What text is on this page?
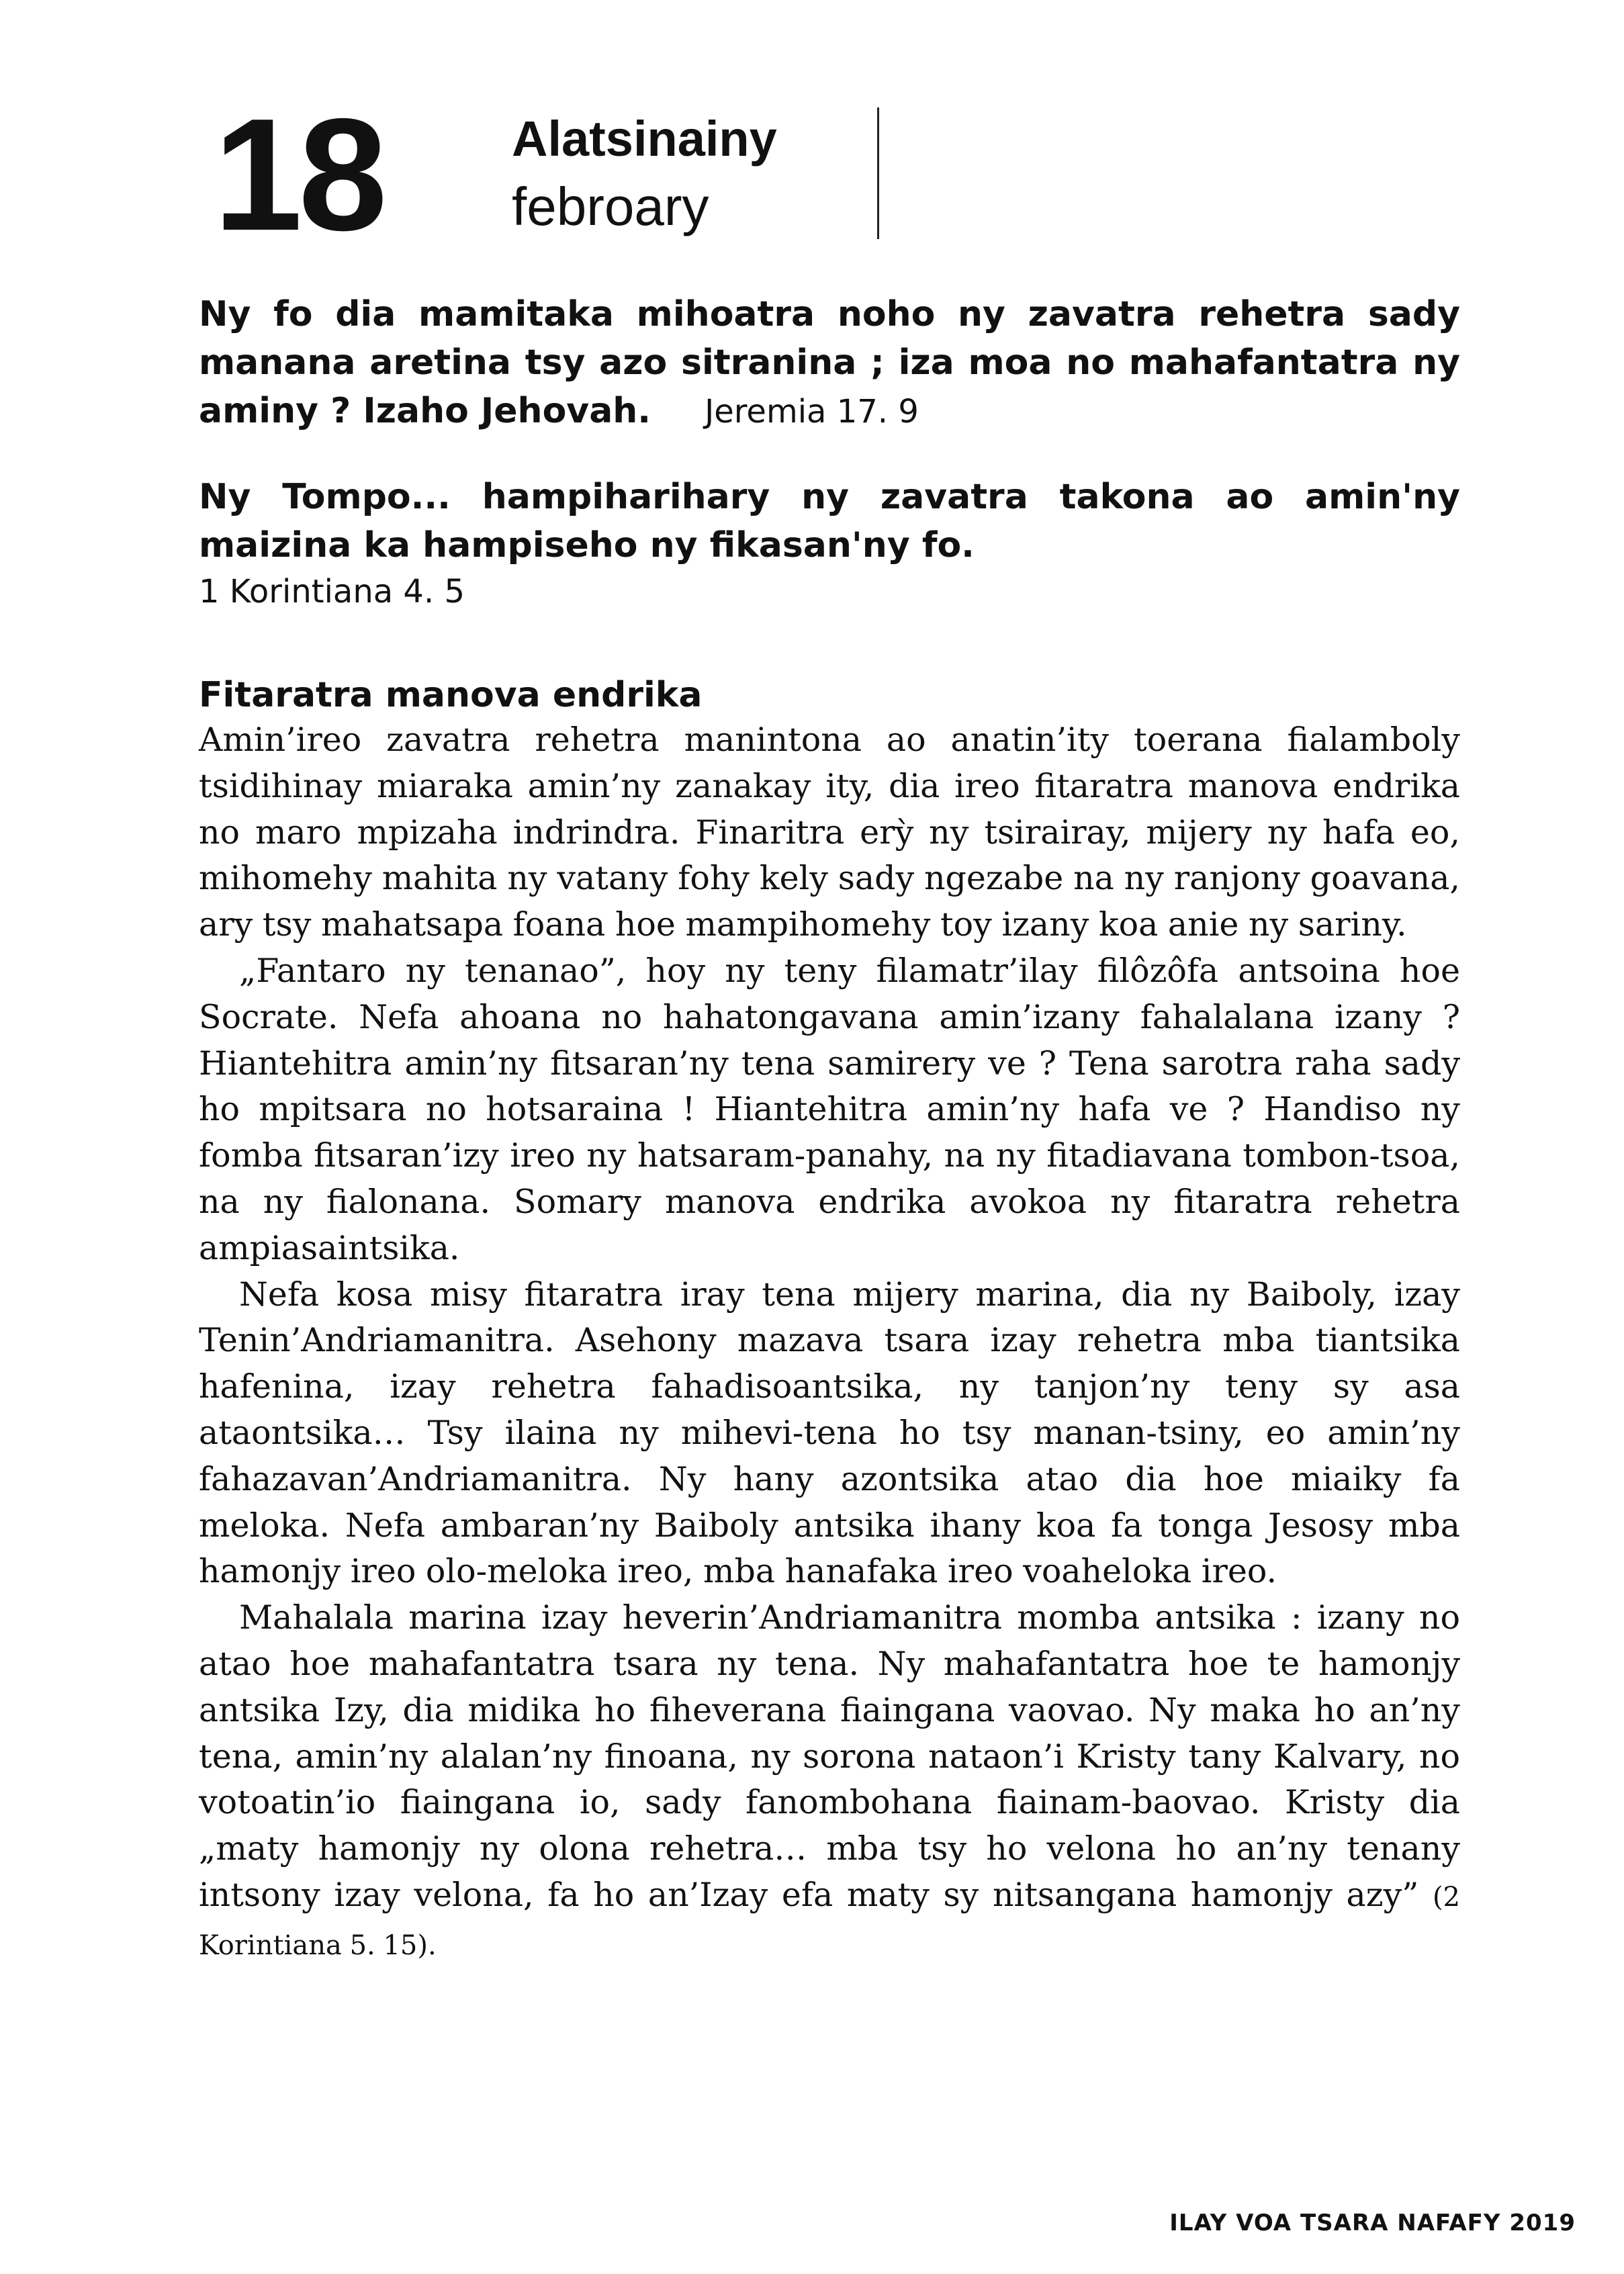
18	Alatsinainy
febroary
Ny fo dia mamitaka mihoatra noho ny zavatra rehetra sady manana aretina tsy azo sitranina ; iza moa no mahafantatra ny aminy ? Izaho Jehovah. Jeremia 17. 9
Ny Tompo... hampiharihary ny zavatra takona ao amin'ny maizina ka hampiseho ny fikasan'ny fo.
1 Korintiana 4. 5
Fitaratra manova endrika

Amin’ireo zavatra rehetra manintona ao anatin’ity toerana fialamboly tsidihinay miaraka amin’ny zanakay ity, dia ireo fitaratra manova endrika no maro mpizaha indrindra. Finaritra erỳ ny tsirairay, mijery ny hafa eo, mihomehy mahita ny vatany fohy kely sady ngezabe na ny ranjony goavana, ary tsy mahatsapa foana hoe mampihomehy toy izany koa anie ny sariny.

„Fantaro ny tenanao”, hoy ny teny filamatr’ilay filôzôfa antsoina hoe Socrate. Nefa ahoana no hahatongavana amin’izany fahalalana izany ? Hiantehitra amin’ny fitsaran’ny tena samirery ve ? Tena sarotra raha sady ho mpitsara no hotsaraina ! Hiantehitra amin’ny hafa ve ? Handiso ny fomba fitsaran’izy ireo ny hatsaram-panahy, na ny fitadiavana tombon-tsoa, na ny fialonana. Somary manova endrika avokoa ny fitaratra rehetra ampiasaintsika.

Nefa kosa misy fitaratra iray tena mijery marina, dia ny Baiboly, izay Tenin’Andriamanitra. Asehony mazava tsara izay rehetra mba tiantsika hafenina, izay rehetra fahadisoantsika, ny tanjon’ny teny sy asa ataontsika… Tsy ilaina ny mihevi-tena ho tsy manan-tsiny, eo amin’ny fahazavan’Andriamanitra. Ny hany azontsika atao dia hoe miaiky fa meloka. Nefa ambaran’ny Baiboly antsika ihany koa fa tonga Jesosy mba hamonjy ireo olo-meloka ireo, mba hanafaka ireo voaheloka ireo.

Mahalala marina izay heverin’Andriamanitra momba antsika : izany no atao hoe mahafantatra tsara ny tena. Ny mahafantatra hoe te hamonjy antsika Izy, dia midika ho fiheverana fiaingana vaovao. Ny maka ho an’ny tena, amin’ny alalan’ny finoana, ny sorona nataon’i Kristy tany Kalvary, no votoatin’io fiaingana io, sady fanombohana fiainam-baovao. Kristy dia „maty hamonjy ny olona rehetra… mba tsy ho velona ho an’ny tenany intsony izay velona, fa ho an’Izay efa maty sy nitsangana hamonjy azy” (2 Korintiana 5. 15).

ILAY VOA TSARA NAFAFY 2019
